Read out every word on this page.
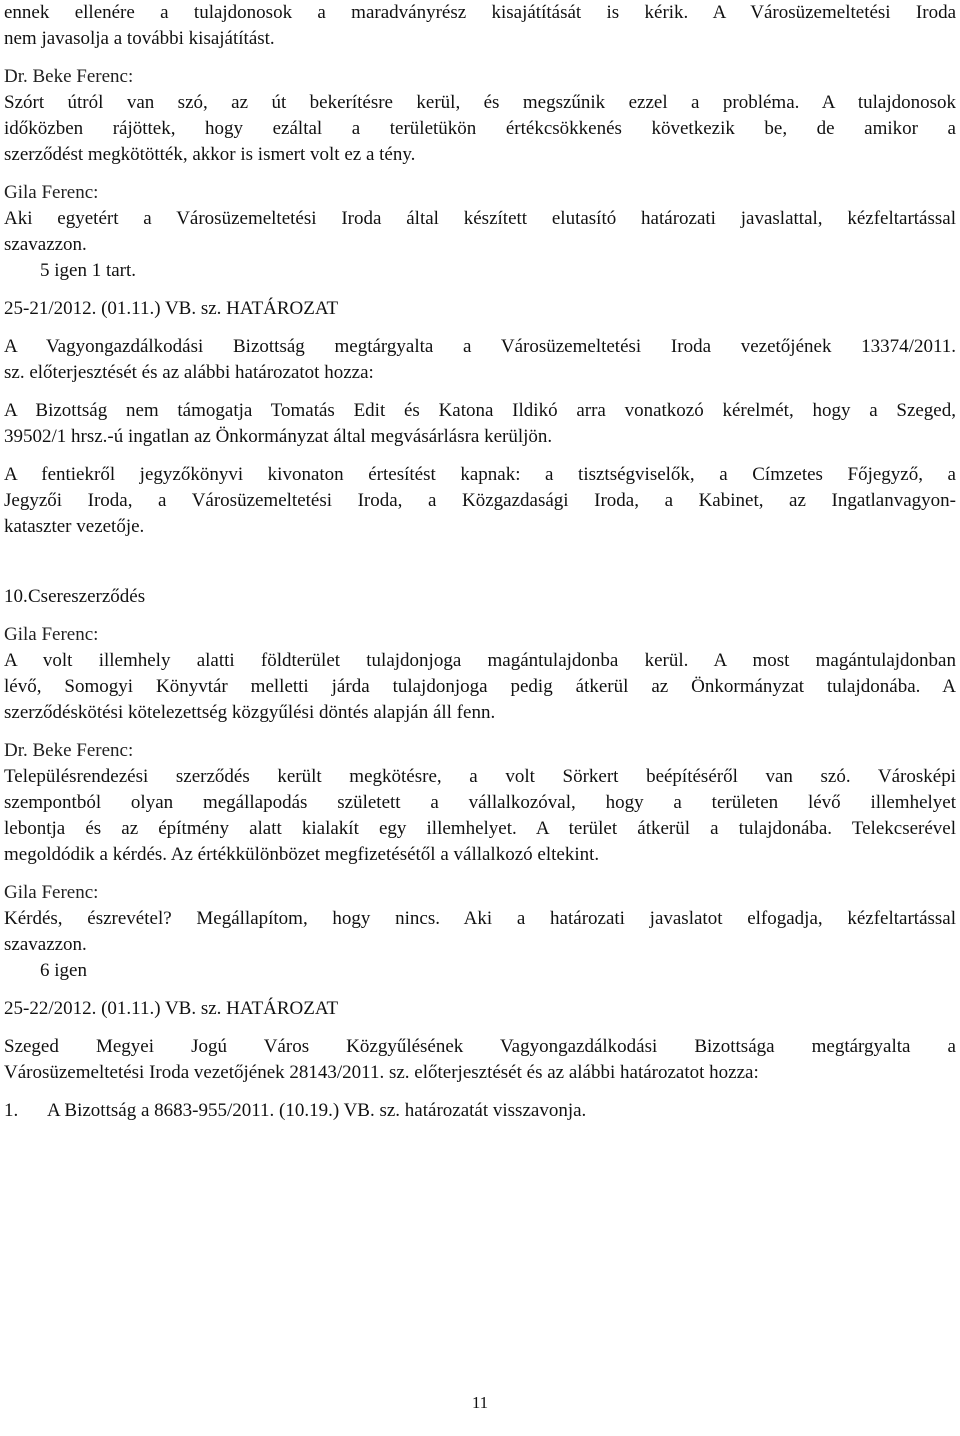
ennek ellenére a tulajdonosok a maradványrész kisajátítását is kérik. A Városüzemeltetési Iroda

nem javasolja a további kisajátítást.

Dr. Beke Ferenc:

Szórt útról van szó, az út bekerítésre kerül, és megszűnik ezzel a probléma. A tulajdonosok

időközben rájöttek, hogy ezáltal a területükön értékcsökkenés következik be, de amikor a

szerződést megkötötték, akkor is ismert volt ez a tény.

Gila Ferenc:

Aki egyetért a Városüzemeltetési Iroda által készített elutasító határozati javaslattal, kézfeltartással

szavazzon.

5 igen 1 tart.

25-21/2012. (01.11.) VB. sz. HATÁROZAT

A Vagyongazdálkodási Bizottság megtárgyalta a Városüzemeltetési Iroda vezetőjének 13374/2011.

sz. előterjesztését és az alábbi határozatot hozza:

A Bizottság nem támogatja Tomatás Edit és Katona Ildikó arra vonatkozó kérelmét, hogy a Szeged,

39502/1 hrsz.-ú ingatlan az Önkormányzat által megvásárlásra kerüljön.

A fentiekről jegyzőkönyvi kivonaton értesítést kapnak: a tisztségviselők, a Címzetes Főjegyző, a

Jegyzői Iroda, a Városüzemeltetési Iroda, a Közgazdasági Iroda, a Kabinet, az Ingatlanvagyon-

kataszter vezetője.

10.Csereszerződés

Gila Ferenc:

A volt illemhely alatti földterület tulajdonjoga magántulajdonba kerül. A most magántulajdonban

lévő, Somogyi Könyvtár melletti járda tulajdonjoga pedig átkerül az Önkormányzat tulajdonába. A

szerződéskötési kötelezettség közgyűlési döntés alapján áll fenn.

Dr. Beke Ferenc:

Településrendezési szerződés került megkötésre, a volt Sörkert beépítéséről van szó. Városképi

szempontból olyan megállapodás született a vállalkozóval, hogy a területen lévő illemhelyet

lebontja és az építmény alatt kialakít egy illemhelyet. A terület átkerül a tulajdonába. Telekcserével

megoldódik a kérdés. Az értékkülönbözet megfizetésétől a vállalkozó eltekint.

Gila Ferenc:

Kérdés, észrevétel? Megállapítom, hogy nincs. Aki a határozati javaslatot elfogadja, kézfeltartással

szavazzon.

6 igen

25-22/2012. (01.11.) VB. sz. HATÁROZAT

Szeged Megyei Jogú Város Közgyűlésének Vagyongazdálkodási Bizottsága megtárgyalta a

Városüzemeltetési Iroda vezetőjének 28143/2011. sz. előterjesztését és az alábbi határozatot hozza:

1. A Bizottság a 8683-955/2011. (10.19.) VB. sz. határozatát visszavonja.

11
